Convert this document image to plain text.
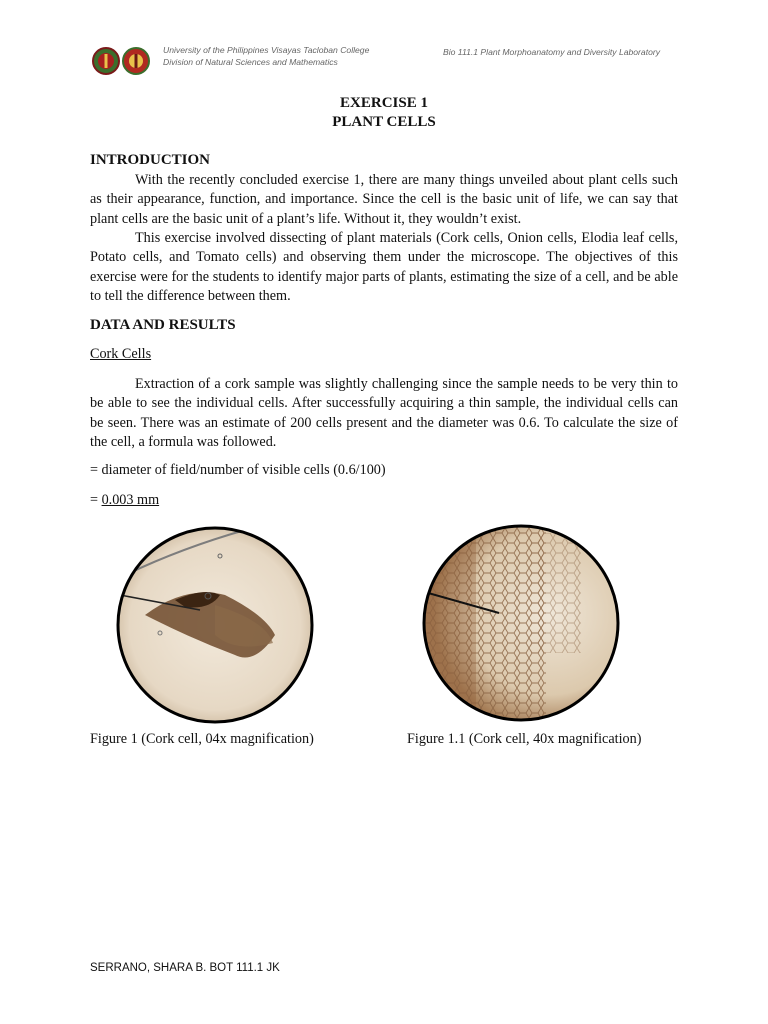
University of the Philippines Visayas Tacloban College
Division of Natural Sciences and Mathematics
Bio 111.1 Plant Morphoanatomy and Diversity Laboratory
EXERCISE 1
PLANT CELLS
INTRODUCTION

With the recently concluded exercise 1, there are many things unveiled about plant cells such as their appearance, function, and importance. Since the cell is the basic unit of life, we can say that plant cells are the basic unit of a plant’s life. Without it, they wouldn’t exist.

This exercise involved dissecting of plant materials (Cork cells, Onion cells, Elodia leaf cells, Potato cells, and Tomato cells) and observing them under the microscope. The objectives of this exercise were for the students to identify major parts of plants, estimating the size of a cell, and be able to tell the difference between them.

DATA AND RESULTS
Cork Cells

Extraction of a cork sample was slightly challenging since the sample needs to be very thin to be able to see the individual cells. After successfully acquiring a thin sample, the individual cells can be seen. There was an estimate of 200 cells present and the diameter was 0.6. To calculate the size of the cell, a formula was followed.

= diameter of field/number of visible cells (0.6/100)
= 0.003 mm
Figure 1 (Cork cell, 04x magnification)	Figure 1.1 (Cork cell, 40x magnification)
SERRANO, SHARA B. BOT 111.1 JK
